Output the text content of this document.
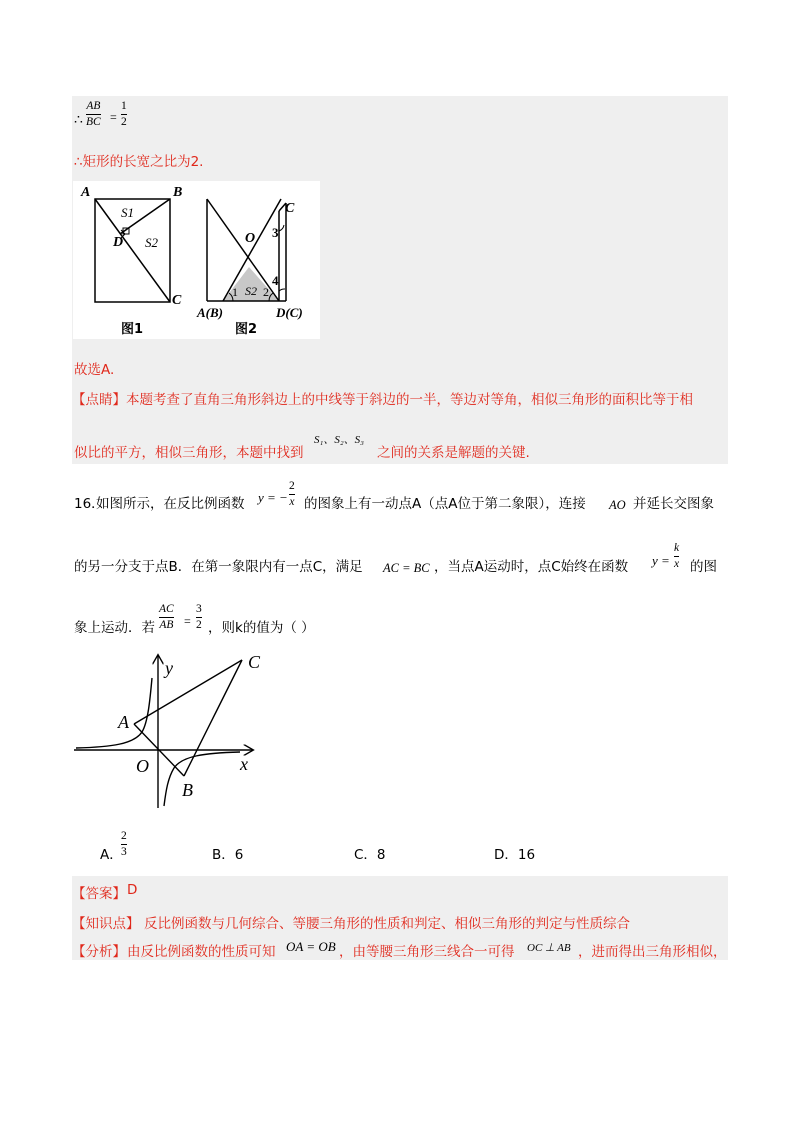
∴
AB
BC =
1
2
∴矩形的长宽之比为2.
A	B
S1
D S2
C
图1
C
O 3
4
1 S2 2
A(B)	D(C)
图2
故选A.
【点睛】 本题考查了直角三角形斜边上的中线等于斜边的一半，等边对等角，相似三角形的面积比等于相
似比的平方，相似三角形，本题中找到
S₁、S₂、S₃
之间的关系是解题的关键.
16．
如图所示，在反比例函数 y = −
2
x 的图象上有一动点A（点A位于第二象限），连接 AO 并延长交图象
的另一分支于点B．在第一象限内有一点C，满足 AC = BC ，当点A运动时，点C始终在函数 y =
k
x 的图
象上运动．若
AC
AB =
3
2 ，则k的值为（ ）
y	C
A
O	x
B
A．
2
3	B．6	C．8	D．16
【答案】 D
【知识点】 反比例函数与几何综合、等腰三角形的性质和判定、相似三角形的判定与性质综合
【分析】 由反比例函数的性质可知 OA = OB ，由等腰三角形三线合一可得 OC ⊥ AB ，进而得出三角形相似，
